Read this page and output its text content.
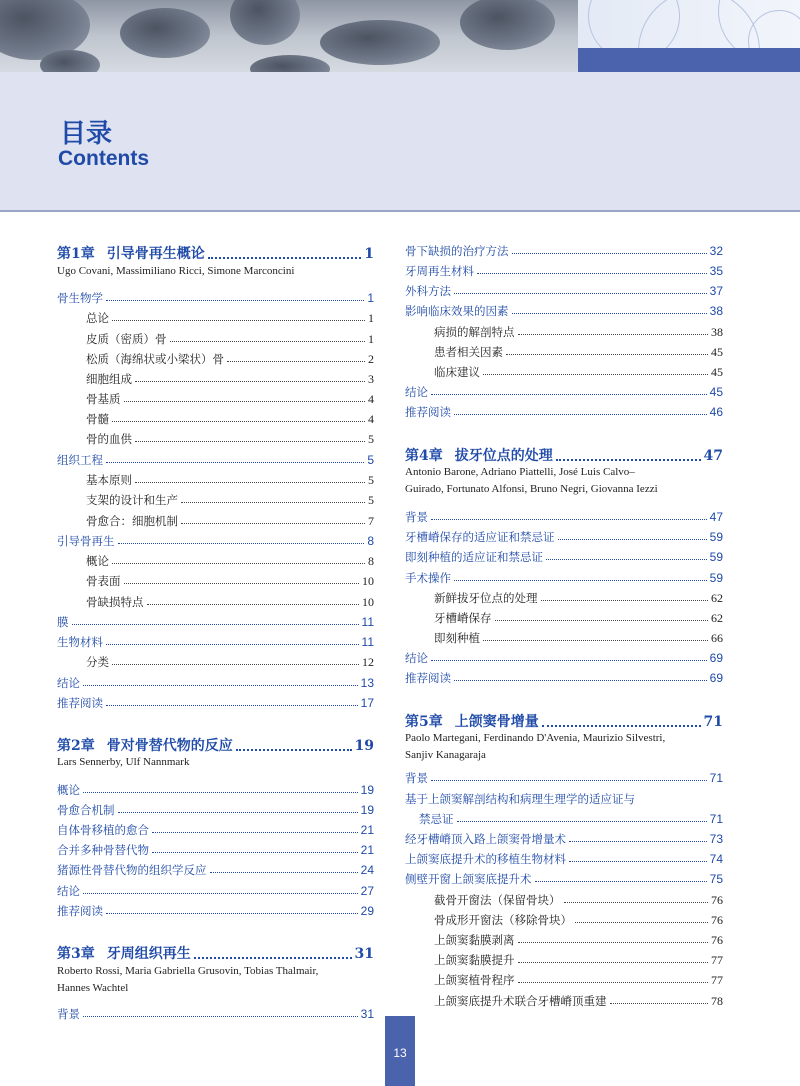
目录
Contents
第1章 引导骨再生概论	1
Ugo Covani, Massimiliano Ricci, Simone Marconcini
骨生物学	1
总论	1
皮质（密质）骨	1
松质（海绵状或小梁状）骨	2
细胞组成	3
骨基质	4
骨髓	4
骨的血供	5
组织工程	5
基本原则	5
支架的设计和生产	5
骨愈合：细胞机制	7
引导骨再生	8
概论	8
骨表面	10
骨缺损特点	10
膜	11
生物材料	11
分类	12
结论	13
推荐阅读	17
第2章 骨对骨替代物的反应	19
Lars Sennerby, Ulf Nannmark
概论	19
骨愈合机制	19
自体骨移植的愈合	21
合并多种骨替代物	21
猪源性骨替代物的组织学反应	24
结论	27
推荐阅读	29
第3章 牙周组织再生	31
Roberto Rossi, Maria Gabriella Grusovin, Tobias Thalmair,
Hannes Wachtel
背景	31
骨下缺损的治疗方法	32
牙周再生材料	35
外科方法	37
影响临床效果的因素	38
病损的解剖特点	38
患者相关因素	45
临床建议	45
结论	45
推荐阅读	46
第4章 拔牙位点的处理	47
Antonio Barone, Adriano Piattelli, José Luis Calvo–
Guirado, Fortunato Alfonsi, Bruno Negri, Giovanna Iezzi
背景	47
牙槽嵴保存的适应证和禁忌证	59
即刻种植的适应证和禁忌证	59
手术操作	59
新鲜拔牙位点的处理	62
牙槽嵴保存	62
即刻种植	66
结论	69
推荐阅读	69
第5章 上颌窦骨增量	71
Paolo Martegani, Ferdinando D'Avenia, Maurizio Silvestri,
Sanjiv Kanagaraja
背景	71
基于上颌窦解剖结构和病理生理学的适应证与
禁忌证	71
经牙槽嵴顶入路上颌窦骨增量术	73
上颌窦底提升术的移植生物材料	74
侧壁开窗上颌窦底提升术	75
截骨开窗法（保留骨块）	76
骨成形开窗法（移除骨块）	76
上颌窦黏膜剥离	76
上颌窦黏膜提升	77
上颌窦植骨程序	77
上颌窦底提升术联合牙槽嵴顶重建	78
13
